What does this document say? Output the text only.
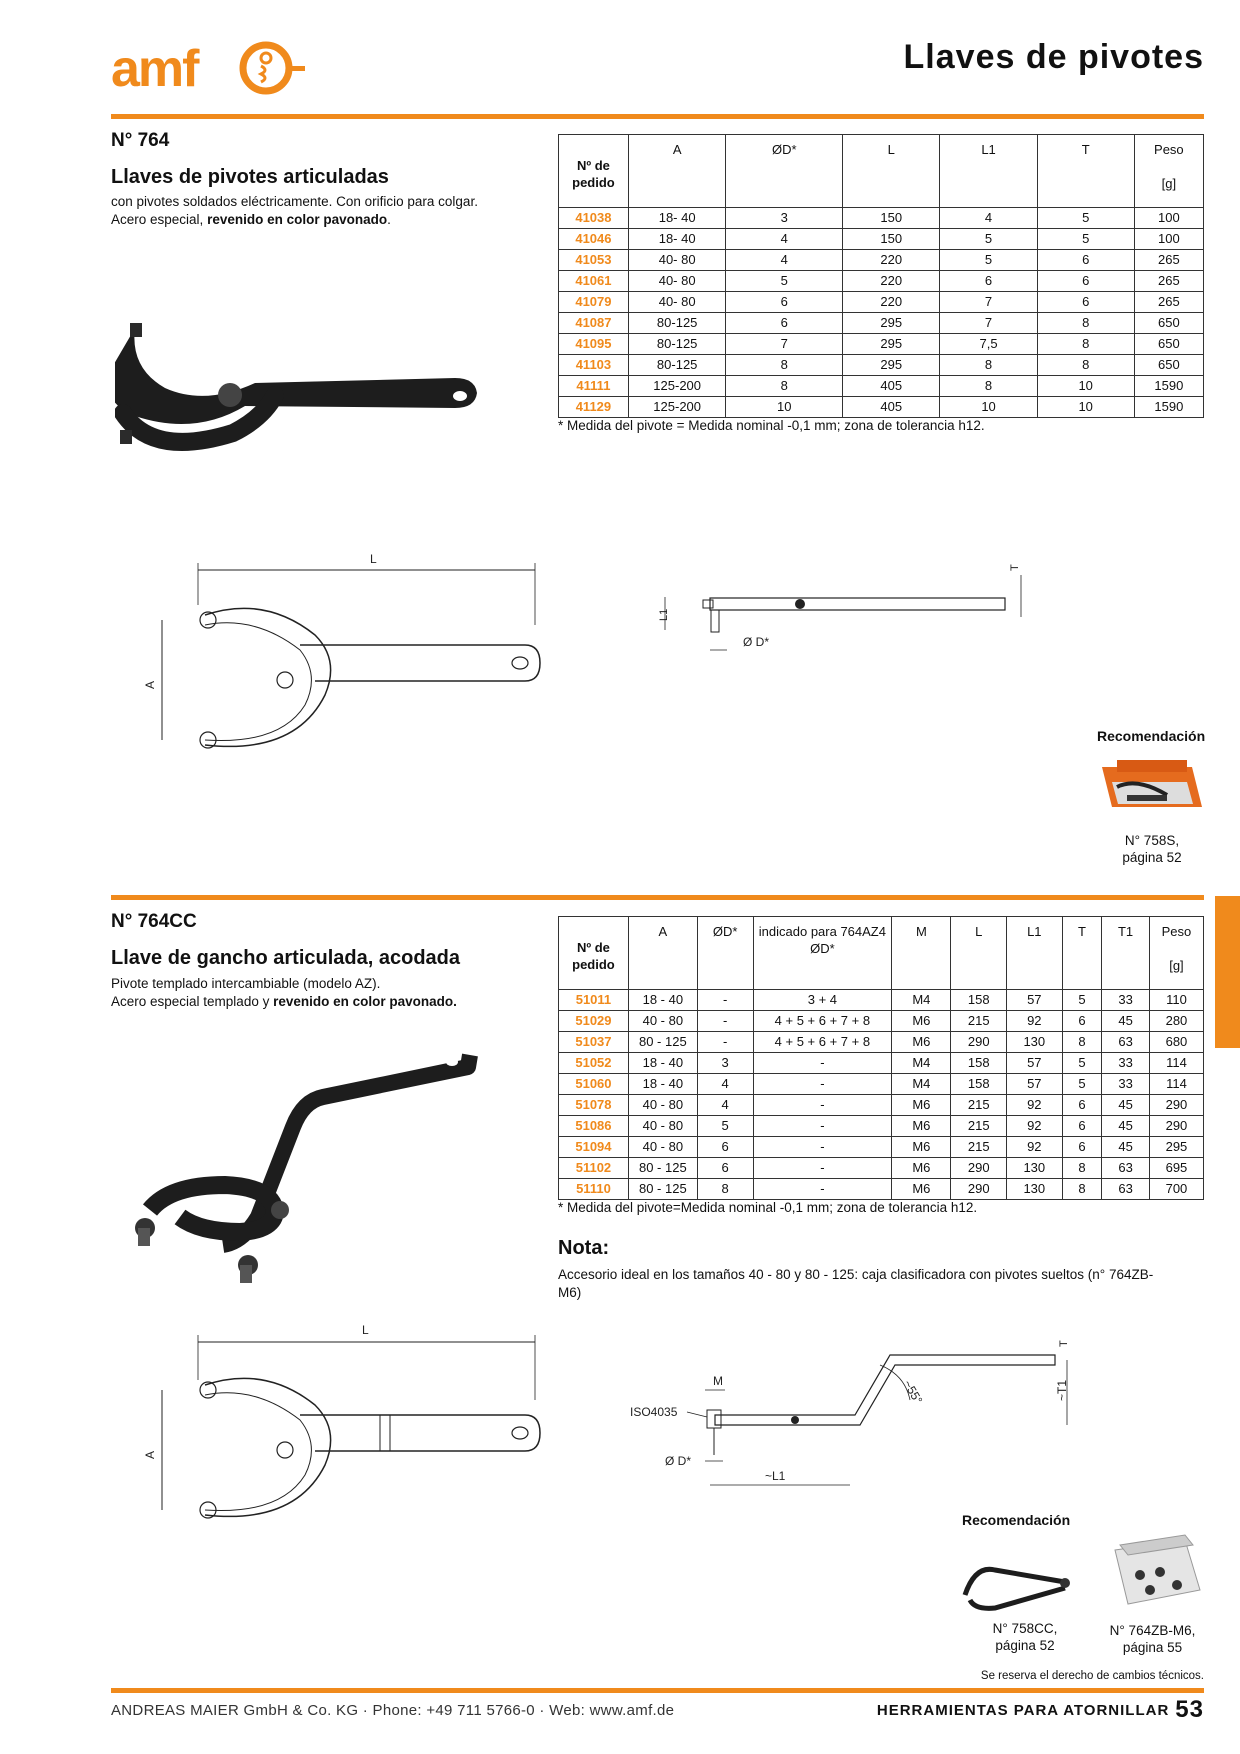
amf	Llaves de pivotes
N° 764
Llaves de pivotes articuladas
con pivotes soldados eléctricamente. Con orificio para colgar.
Acero especial, revenido en color pavonado.
Nº de pedido	A	ØD*	L	L1	T	Peso
[g]

41038	18- 40	3	150	4	5	100
41046	18- 40	4	150	5	5	100
41053	40- 80	4	220	5	6	265
41061	40- 80	5	220	6	6	265
41079	40- 80	6	220	7	6	265
41087	80-125	6	295	7	8	650
41095	80-125	7	295	7,5	8	650
41103	80-125	8	295	8	8	650
41111	125-200	8	405	8	10	1590
41129	125-200	10	405	10	10	1590
* Medida del pivote = Medida nominal -0,1 mm; zona de tolerancia h12.
L
A
L1
Ø D*
T
Recomendación
N° 758S,
página 52
N° 764CC
Llave de gancho articulada, acodada
Pivote templado intercambiable (modelo AZ).
Acero especial templado y revenido en color pavonado.
Nº de pedido	A	ØD*	indicado para 764AZ4 ØD*	M	L	L1	T	T1	Peso
[g]

51011	18 - 40	-	3 + 4	M4	158	57	5	33	110
51029	40 - 80	-	4 + 5 + 6 + 7 + 8	M6	215	92	6	45	280
51037	80 - 125	-	4 + 5 + 6 + 7 + 8	M6	290	130	8	63	680
51052	18 - 40	3	-	M4	158	57	5	33	114
51060	18 - 40	4	-	M4	158	57	5	33	114
51078	40 - 80	4	-	M6	215	92	6	45	290
51086	40 - 80	5	-	M6	215	92	6	45	290
51094	40 - 80	6	-	M6	215	92	6	45	295
51102	80 - 125	6	-	M6	290	130	8	63	695
51110	80 - 125	8	-	M6	290	130	8	63	700
* Medida del pivote=Medida nominal -0,1 mm; zona de tolerancia h12.
Nota:
Accesorio ideal en los tamaños 40 - 80 y 80 - 125: caja clasificadora con pivotes sueltos (n° 764ZB-M6)
L
A
M
ISO4035
Ø D*
~L1
~T1
T
~55°
Recomendación
N° 758CC,
página 52
N° 764ZB-M6,
página 55
Se reserva el derecho de cambios técnicos.
ANDREAS MAIER GmbH & Co. KG · Phone: +49 711 5766-0 · Web: www.amf.de	HERRAMIENTAS PARA ATORNILLAR 53
